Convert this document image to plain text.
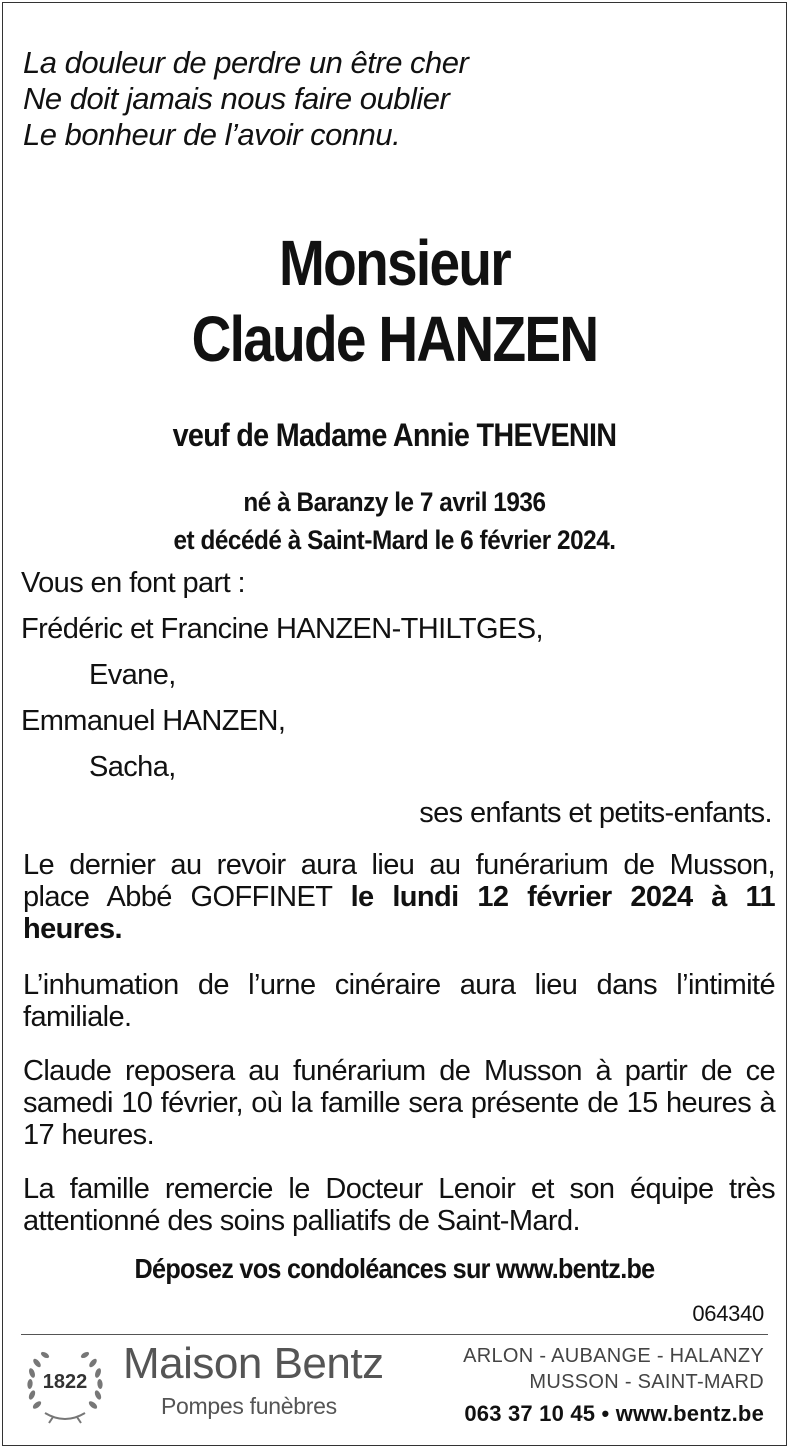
La douleur de perdre un être cher
Ne doit jamais nous faire oublier
Le bonheur de l’avoir connu.
Monsieur
Claude HANZEN
veuf de Madame Annie THEVENIN
né à Baranzy le 7 avril 1936
et décédé à Saint-Mard le 6 février 2024.
Vous en font part :
Frédéric et Francine HANZEN-THILTGES,
Evane,
Emmanuel HANZEN,
Sacha,
ses enfants et petits-enfants.
Le dernier au revoir aura lieu au funérarium de Musson, place Abbé GOFFINET le lundi 12 février 2024 à 11 heures.
L’inhumation de l’urne cinéraire aura lieu dans l’intimité familiale.
Claude reposera au funérarium de Musson à partir de ce samedi 10 février, où la famille sera présente de 15 heures à 17 heures.
La famille remercie le Docteur Lenoir et son équipe très attentionné des soins palliatifs de Saint-Mard.
Déposez vos condoléances sur www.bentz.be
064340
1822 Maison Bentz
Pompes funèbres
ARLON - AUBANGE - HALANZY
MUSSON - SAINT-MARD
063 37 10 45 • www.bentz.be
